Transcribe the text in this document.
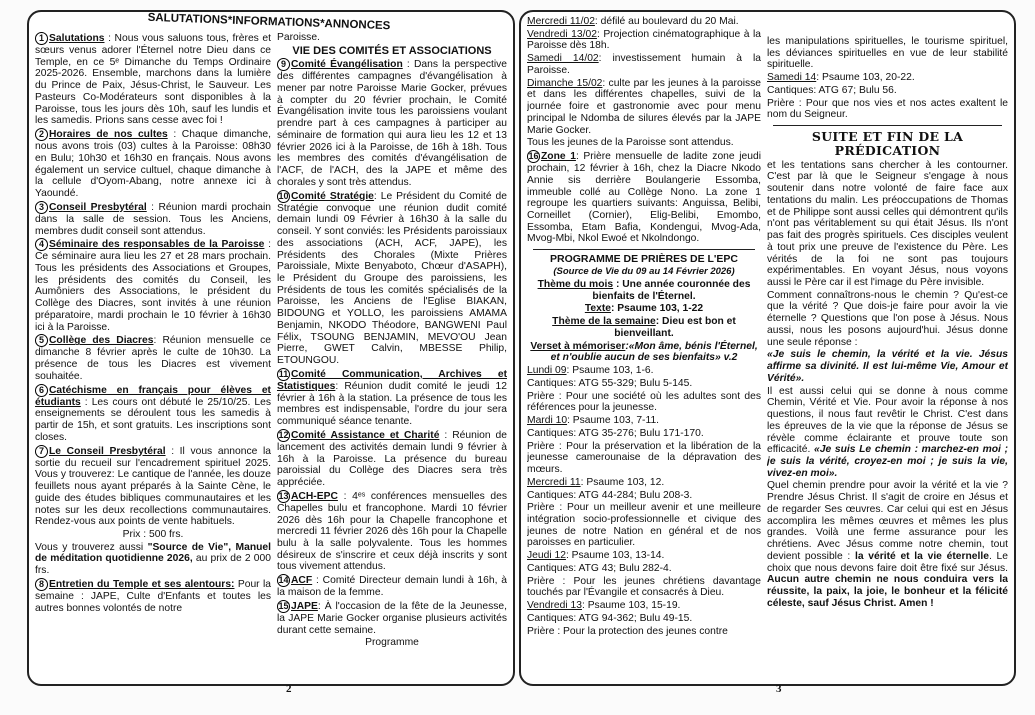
SALUTATIONS*INFORMATIONS*ANNONCES

1 Salutations : Nous vous saluons tous, frères et sœurs venus adorer l'Éternel notre Dieu dans ce Temple, en ce 5ᵉ Dimanche du Temps Ordinaire 2025-2026. Ensemble, marchons dans la lumière du Prince de Paix, Jésus-Christ, le Sauveur. Les Pasteurs Co-Modérateurs sont disponibles à la Paroisse, tous les jours dès 10h, sauf les lundis et les samedis. Prions sans cesse avec foi !

2 Horaires de nos cultes : Chaque dimanche, nous avons trois (03) cultes à la Paroisse: 08h30 en Bulu; 10h30 et 16h30 en français. Nous avons également un service cultuel, chaque dimanche à la cellule d'Oyom-Abang, notre annexe ici à Yaoundé.

3 Conseil Presbytéral : Réunion mardi prochain dans la salle de session. Tous les Anciens, membres dudit conseil sont attendus.

4 Séminaire des responsables de la Paroisse : Ce séminaire aura lieu les 27 et 28 mars prochain. Tous les présidents des Associations et Groupes, les présidents des comités du Conseil, les Aumôniers des Associations, le président du Collège des Diacres, sont invités à une réunion préparatoire, mardi prochain le 10 février à 16h30 ici à la Paroisse.

5 Collège des Diacres: Réunion mensuelle ce dimanche 8 février après le culte de 10h30. La présence de tous les Diacres est vivement souhaitée.

6 Catéchisme en français pour élèves et étudiants : Les cours ont débuté le 25/10/25. Les enseignements se déroulent tous les samedis à partir de 15h, et sont gratuits. Les inscriptions sont closes.

7 Le Conseil Presbytéral : Il vous annonce la sortie du recueil sur l'encadrement spirituel 2025. Vous y trouverez: Le cantique de l'année, les douze feuillets nous ayant préparés à la Sainte Cène, le guide des études bibliques communautaires et les notes sur les deux recollections communautaires. Rendez-vous aux points de vente habituels.

Prix : 500 frs.

Vous y trouverez aussi "Source de Vie", Manuel de méditation quotidienne 2026, au prix de 2 000 frs.

8 Entretien du Temple et ses alentours: Pour la semaine : JAPE, Culte d'Enfants et toutes les autres bonnes volontés de notre

Paroisse.

VIE DES COMITÉS ET ASSOCIATIONS

9 Comité Évangélisation : Dans la perspective des différentes campagnes d'évangélisation à mener par notre Paroisse Marie Gocker, prévues à compter du 20 février prochain, le Comité Évangélisation invite tous les paroissiens voulant prendre part à ces campagnes à participer au séminaire de formation qui aura lieu les 12 et 13 février 2026 ici à la Paroisse, de 16h à 18h. Tous les membres des comités d'évangélisation de l'ACF, de l'ACH, des la JAPE et même des chorales y sont très attendus.

10 Comité Stratégie: Le Président du Comité de Stratégie convoque une réunion dudit comité demain lundi 09 Février à 16h30 à la salle du conseil. Y sont conviés: les Présidents paroissiaux des associations (ACH, ACF, JAPE), les Présidents des Chorales (Mixte Prières Paroissiale, Mixte Benyaboto, Chœur d'ASAPH), le Président du Groupe des paroissiens, les Présidents de tous les comités spécialisés de la Paroisse, les Anciens de l'Eglise BIAKAN, BIDOUNG et YOLLO, les paroissiens AMAMA Benjamin, NKODO Théodore, BANGWENI Paul Félix, TSOUNG BENJAMIN, MEVO'OU Jean Pierre, GWET Calvin, MBESSE Philip, ETOUNGOU.

11 Comité Communication, Archives et Statistiques: Réunion dudit comité le jeudi 12 février à 16h à la station. La présence de tous les membres est indispensable, l'ordre du jour sera communiqué séance tenante.

12 Comité Assistance et Charité : Réunion de lancement des activités demain lundi 9 février à 16h à la Paroisse. La présence du bureau paroissial du Collège des Diacres sera très appréciée.

13 ACH-EPC : 4ᵉˢ conférences mensuelles des Chapelles bulu et francophone. Mardi 10 février 2026 dès 16h pour la Chapelle francophone et mercredi 11 février 2026 dès 16h pour la Chapelle bulu à la salle polyvalente. Tous les hommes désireux de s'inscrire et ceux déjà inscrits y sont tous vivement attendus.

14 ACF : Comité Directeur demain lundi à 16h, à la maison de la femme.

15 JAPE: À l'occasion de la fête de la Jeunesse, la JAPE Marie Gocker organise plusieurs activités durant cette semaine.

Programme

2

Mercredi 11/02: défilé au boulevard du 20 Mai.

Vendredi 13/02: Projection cinématographique à la Paroisse dès 18h.

Samedi 14/02: investissement humain à la Paroisse.

Dimanche 15/02: culte par les jeunes à la paroisse et dans les différentes chapelles, suivi de la journée foire et gastronomie avec pour menu principal le Ndomba de silures élevés par la JAPE Marie Gocker.

Tous les jeunes de la Paroisse sont attendus.

16 Zone 1: Prière mensuelle de ladite zone jeudi prochain, 12 février à 16h, chez la Diacre Nkodo Annie sis derrière Boulangerie Essomba, immeuble collé au Collège Nono. La zone 1 regroupe les quartiers suivants: Anguissa, Belibi, Corneillet (Cornier), Elig-Belibi, Emombo, Essomba, Etam Bafia, Kondengui, Mvog-Ada, Mvog-Mbi, Nkol Ewoé et Nkolndongo.

PROGRAMME DE PRIÈRES DE L'EPC

(Source de Vie du 09 au 14 Février 2026)

Thème du mois : Une année couronnée des bienfaits de l'Éternel.

Texte: Psaume 103, 1-22

Thème de la semaine: Dieu est bon et bienveillant.

Verset à mémoriser:«Mon âme, bénis l'Éternel, et n'oublie aucun de ses bienfaits» v.2

Lundi 09: Psaume 103, 1-6.

Cantiques: ATG 55-329; Bulu 5-145.

Prière : Pour une société où les adultes sont des références pour la jeunesse.

Mardi 10: Psaume 103, 7-11.

Cantiques: ATG 35-276; Bulu 171-170.

Prière : Pour la préservation et la libération de la jeunesse camerounaise de la dépravation des mœurs.

Mercredi 11: Psaume 103, 12.

Cantiques: ATG 44-284; Bulu 208-3.

Prière : Pour un meilleur avenir et une meilleure intégration socio-professionnelle et civique des jeunes de notre Nation en général et de nos paroisses en particulier.

Jeudi 12: Psaume 103, 13-14.

Cantiques: ATG 43; Bulu 282-4.

Prière : Pour les jeunes chrétiens davantage touchés par l'Évangile et consacrés à Dieu.

Vendredi 13: Psaume 103, 15-19.

Cantiques: ATG 94-362; Bulu 49-15.

Prière : Pour la protection des jeunes contre

les manipulations spirituelles, le tourisme spirituel, les déviances spirituelles en vue de leur stabilité spirituelle.

Samedi 14: Psaume 103, 20-22.

Cantiques: ATG 67; Bulu 56.

Prière : Pour que nos vies et nos actes exaltent le nom du Seigneur.

SUITE ET FIN DE LA PRÉDICATION

et les tentations sans chercher à les contourner. C'est par là que le Seigneur s'engage à nous soutenir dans notre volonté de faire face aux tentations du malin. Les préoccupations de Thomas et de Philippe sont aussi celles qui démontrent qu'ils n'ont pas véritablement su qui était Jésus. Ils n'ont pas fait des progrès spirituels. Ces disciples veulent à tout prix une preuve de l'existence du Père. Les vérités de la foi ne sont pas toujours expérimentables. En voyant Jésus, nous voyons aussi le Père car il est l'image du Père invisible.

Comment connaîtrons-nous le chemin ? Qu'est-ce que la vérité ? Que dois-je faire pour avoir la vie éternelle ? Questions que l'on pose à Jésus. Nous aussi, nous les posons aujourd'hui. Jésus donne une seule réponse :

«Je suis le chemin, la vérité et la vie. Jésus affirme sa divinité. Il est lui-même Vie, Amour et Vérité».

Il est aussi celui qui se donne à nous comme Chemin, Vérité et Vie. Pour avoir la réponse à nos questions, il nous faut revêtir le Christ. C'est dans les épreuves de la vie que la réponse de Jésus se révèle comme éclairante et prouve toute son efficacité. «Je suis Le chemin : marchez-en moi ; je suis la vérité, croyez-en moi ; je suis la vie, vivez-en moi».

Quel chemin prendre pour avoir la vérité et la vie ? Prendre Jésus Christ. Il s'agit de croire en Jésus et de regarder Ses œuvres. Car celui qui est en Jésus accomplira les mêmes œuvres et mêmes les plus grandes. Voilà une ferme assurance pour les chrétiens. Avec Jésus comme notre chemin, tout devient possible : la vérité et la vie éternelle. Le choix que nous devons faire doit être fixé sur Jésus. Aucun autre chemin ne nous conduira vers la réussite, la paix, la joie, le bonheur et la félicité céleste, sauf Jésus Christ. Amen !

3
